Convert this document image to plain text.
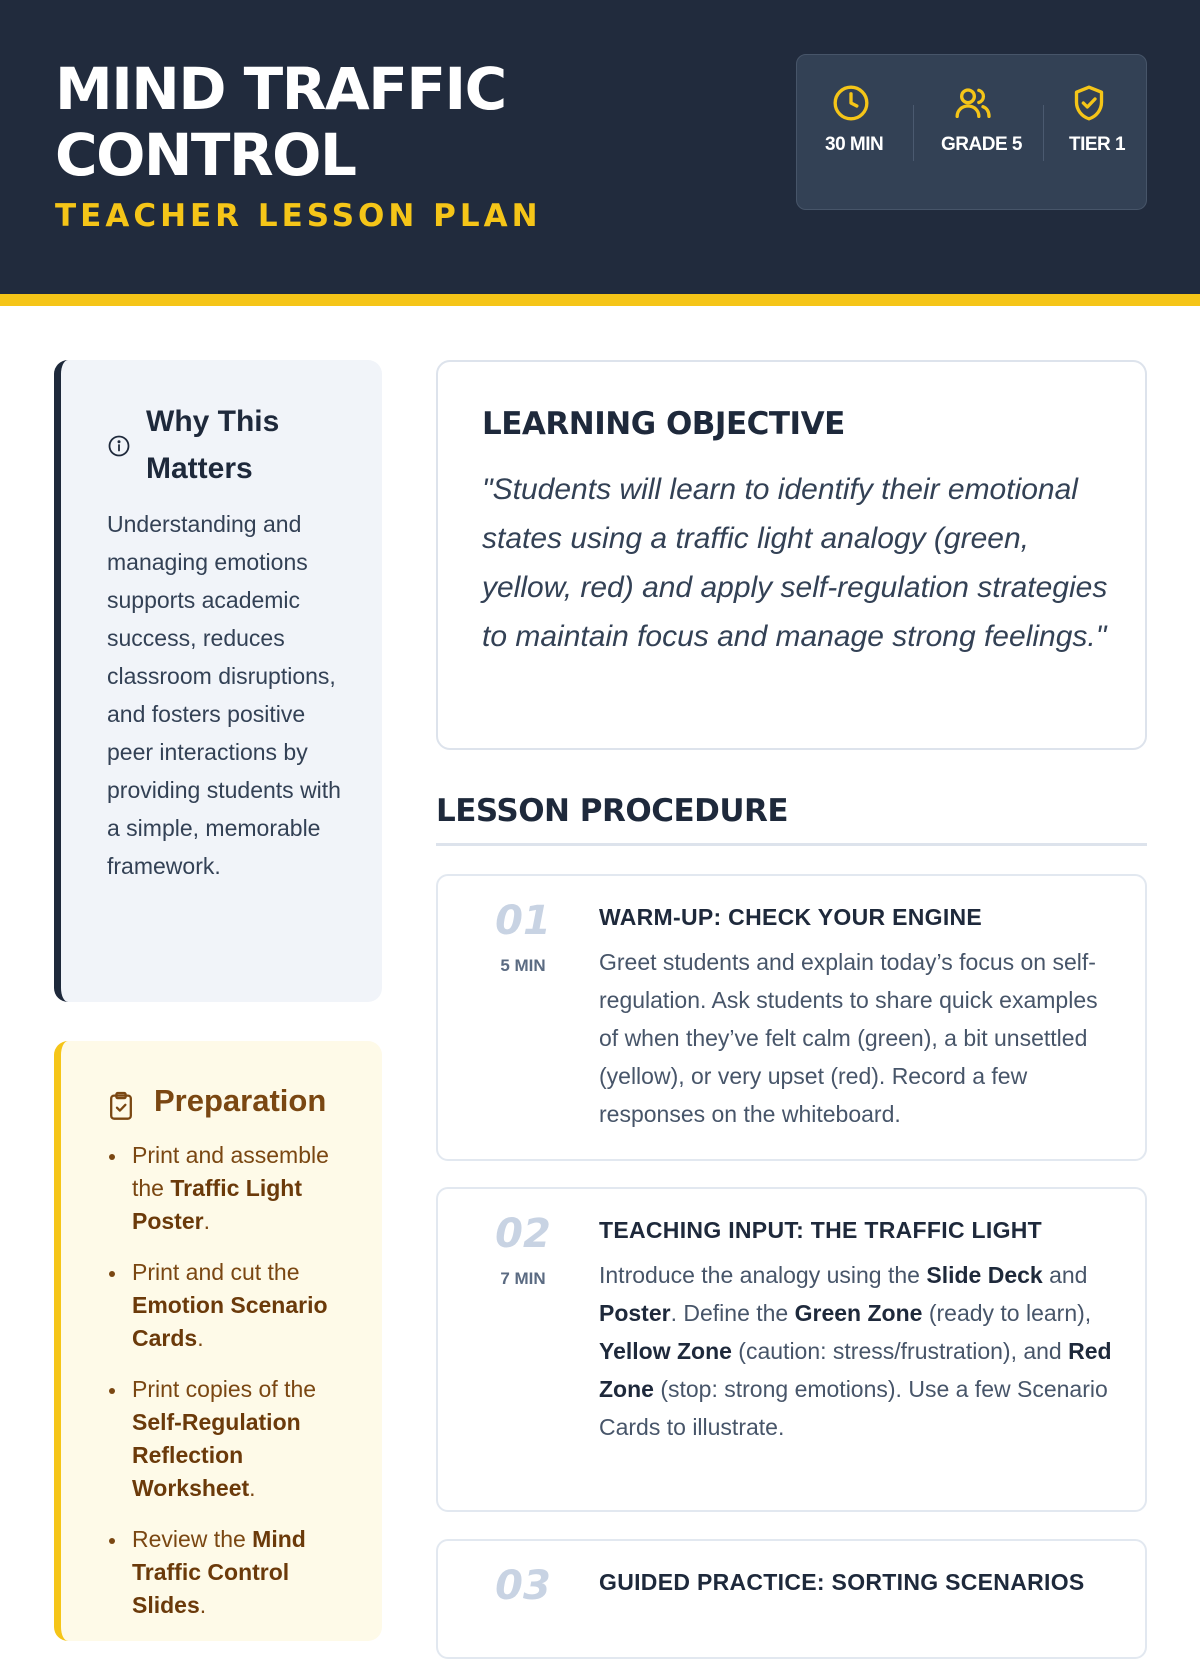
MIND TRAFFIC CONTROL
TEACHER LESSON PLAN
30 MIN	GRADE 5	TIER 1
Why This Matters
Understanding and managing emotions supports academic success, reduces classroom disruptions, and fosters positive peer interactions by providing students with a simple, memorable framework.
Preparation
Print and assemble the Traffic Light Poster.
Print and cut the Emotion Scenario Cards.
Print copies of the Self-Regulation Reflection Worksheet.
Review the Mind Traffic Control Slides.
LEARNING OBJECTIVE
"Students will learn to identify their emotional states using a traffic light analogy (green, yellow, red) and apply self-regulation strategies to maintain focus and manage strong feelings."
LESSON PROCEDURE
01
5 MIN
WARM-UP: CHECK YOUR ENGINE
Greet students and explain today’s focus on self-regulation. Ask students to share quick examples of when they’ve felt calm (green), a bit unsettled (yellow), or very upset (red). Record a few responses on the whiteboard.
02
7 MIN
TEACHING INPUT: THE TRAFFIC LIGHT
Introduce the analogy using the Slide Deck and Poster. Define the Green Zone (ready to learn), Yellow Zone (caution: stress/frustration), and Red Zone (stop: strong emotions). Use a few Scenario Cards to illustrate.
03	GUIDED PRACTICE: SORTING SCENARIOS
